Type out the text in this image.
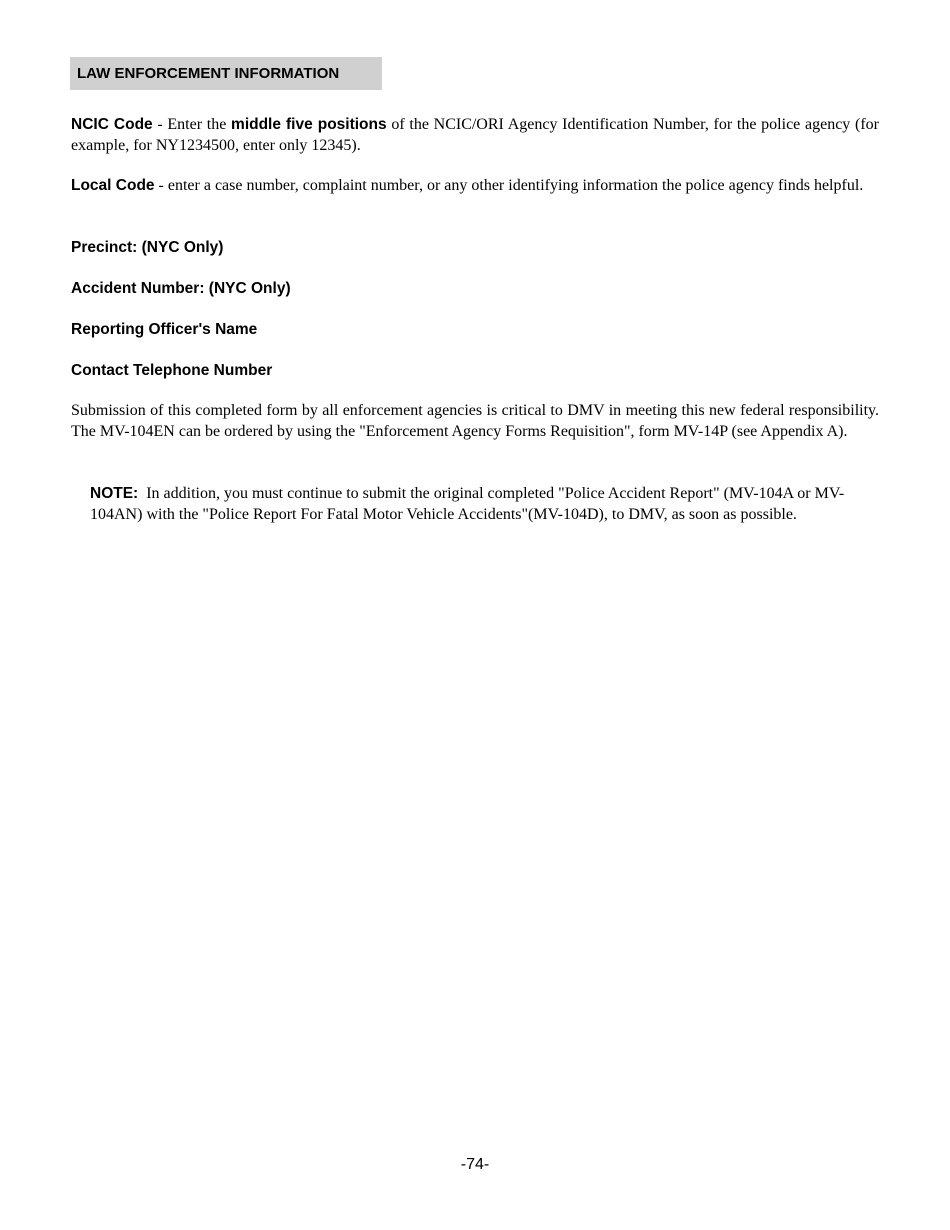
LAW ENFORCEMENT INFORMATION

NCIC Code - Enter the middle five positions of the NCIC/ORI Agency Identification Number, for the police agency (for example, for NY1234500, enter only 12345).

Local Code - enter a case number, complaint number, or any other identifying information the police agency finds helpful.

Precinct: (NYC Only)
Accident Number: (NYC Only)
Reporting Officer's Name
Contact Telephone Number

Submission of this completed form by all enforcement agencies is critical to DMV in meeting this new federal responsibility.  The MV-104EN can be ordered by using the "Enforcement Agency Forms Requisition", form MV-14P (see Appendix A).

NOTE:  In addition, you must continue to submit the original completed "Police Accident Report" (MV-104A or MV-104AN) with the "Police Report For Fatal Motor Vehicle Accidents"(MV-104D), to DMV, as soon as possible.

-74-
